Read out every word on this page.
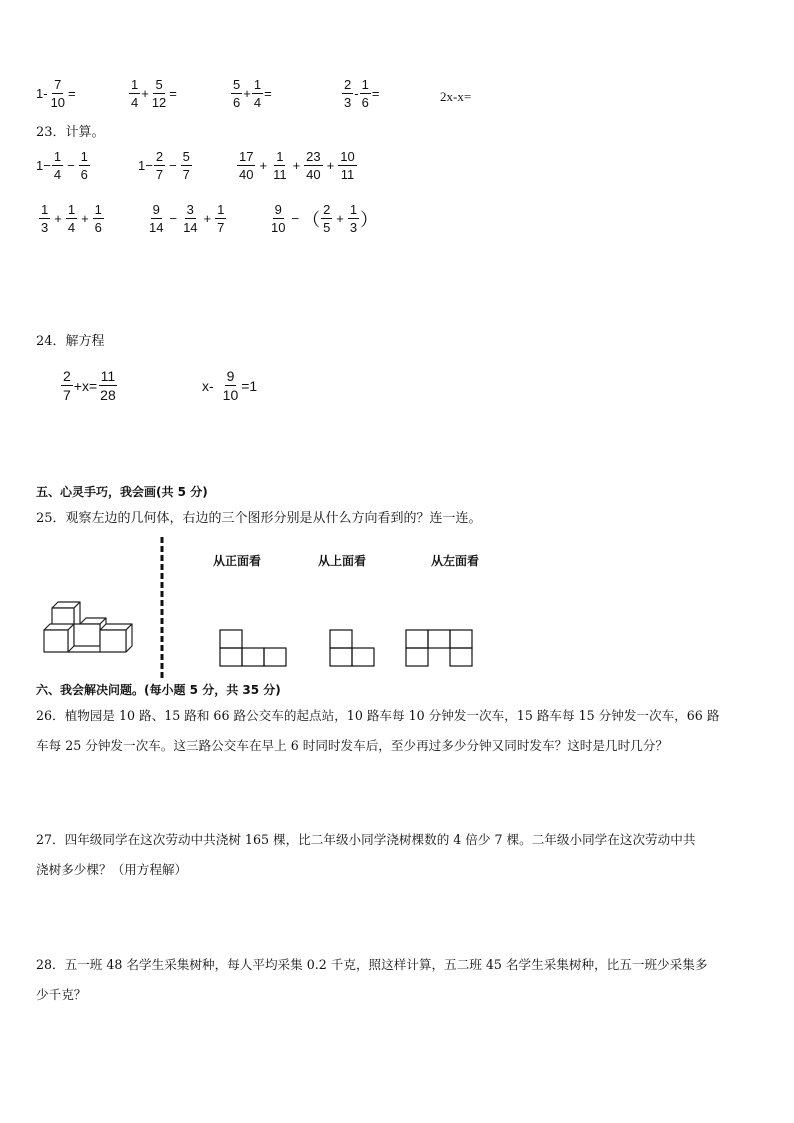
$1- \frac{7}{10}$ =	$\frac{1}{4} + \frac{5}{12}$ =	$\frac{5}{6} + \frac{1}{4}$ =	$\frac{2}{3} - \frac{1}{6}$ =	2x-x=
23．计算。
$1- \frac{1}{4} - \frac{1}{6}$	$1- \frac{2}{7} - \frac{5}{7}$	$\frac{17}{40} + \frac{1}{11} + \frac{23}{40} + \frac{10}{11}$
$\frac{1}{3} + \frac{1}{4} + \frac{1}{6}$	$\frac{9}{14} - \frac{3}{14} + \frac{1}{7}$	$\frac{9}{10}$ − （ $\frac{2}{5} + \frac{1}{3}$ ）
24．解方程
$\frac{2}{7} +x= \frac{11}{28}$	$x- \frac{9}{10} =1$
五、心灵手巧，我会画(共 5 分)
25．观察左边的几何体，右边的三个图形分别是从什么方向看到的？连一连。
从正面看	从上面看	从左面看
六、我会解决问题。(每小题 5 分，共 35 分)
26．植物园是 10 路、15 路和 66 路公交车的起点站，10 路车每 10 分钟发一次车，15 路车每 15 分钟发一次车，66 路
车每 25 分钟发一次车。这三路公交车在早上 6 时同时发车后，至少再过多少分钟又同时发车？这时是几时几分？
27．四年级同学在这次劳动中共浇树 165 棵，比二年级小同学浇树棵数的 4 倍少 7 棵。二年级小同学在这次劳动中共
浇树多少棵？（用方程解）
28．五一班 48 名学生采集树种，每人平均采集 0.2 千克，照这样计算，五二班 45 名学生采集树种，比五一班少采集多
少千克？
